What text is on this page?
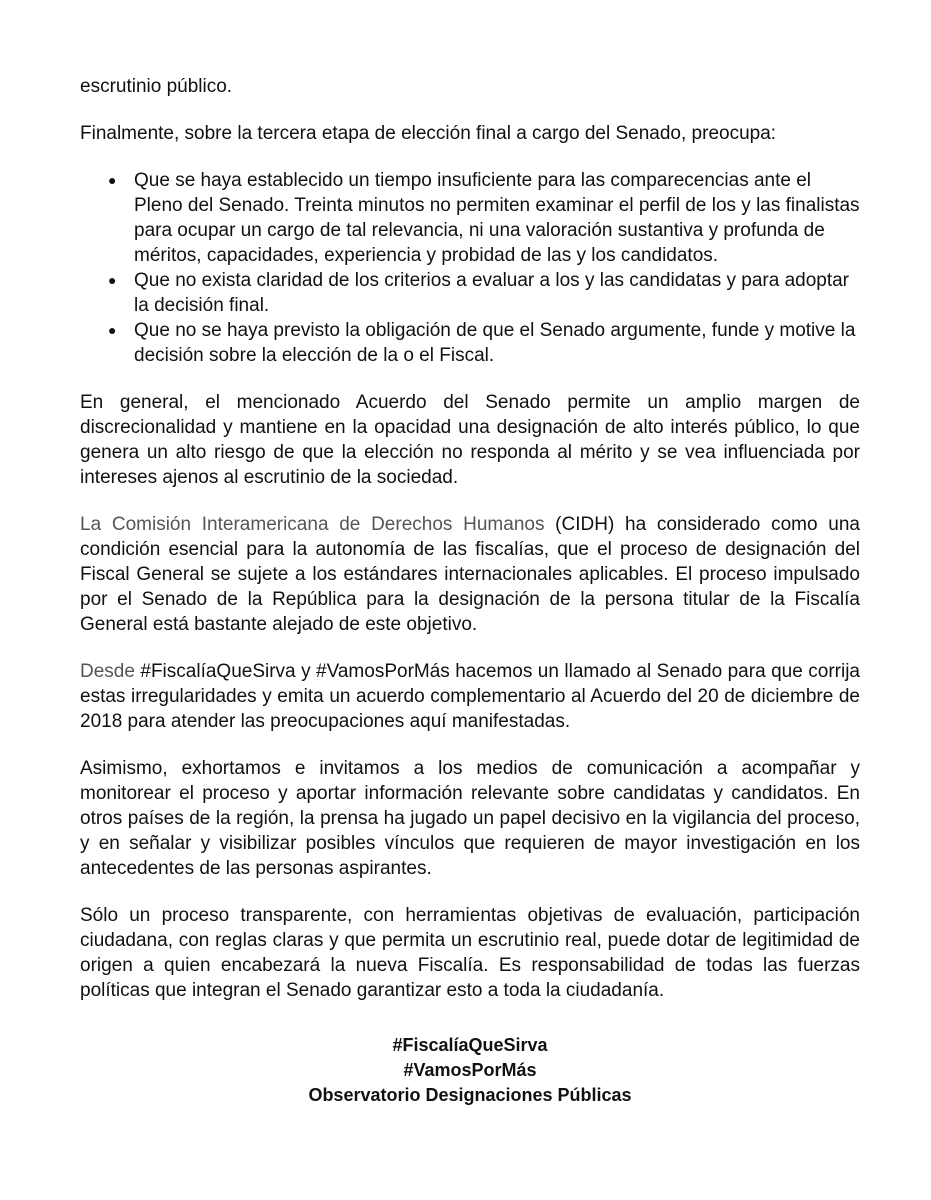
escrutinio público.

Finalmente, sobre la tercera etapa de elección final a cargo del Senado, preocupa:

● Que se haya establecido un tiempo insuficiente para las comparecencias ante el Pleno del Senado. Treinta minutos no permiten examinar el perfil de los y las finalistas para ocupar un cargo de tal relevancia, ni una valoración sustantiva y profunda de méritos, capacidades, experiencia y probidad de las y los candidatos.
● Que no exista claridad de los criterios a evaluar a los y las candidatas y para adoptar la decisión final.
● Que no se haya previsto la obligación de que el Senado argumente, funde y motive la decisión sobre la elección de la o el Fiscal.

En general, el mencionado Acuerdo del Senado permite un amplio margen de discrecionalidad y mantiene en la opacidad una designación de alto interés público, lo que genera un alto riesgo de que la elección no responda al mérito y se vea influenciada por intereses ajenos al escrutinio de la sociedad.

La Comisión Interamericana de Derechos Humanos (CIDH) ha considerado como una condición esencial para la autonomía de las fiscalías, que el proceso de designación del Fiscal General se sujete a los estándares internacionales aplicables. El proceso impulsado por el Senado de la República para la designación de la persona titular de la Fiscalía General está bastante alejado de este objetivo.

Desde #FiscalíaQueSirva y #VamosPorMás hacemos un llamado al Senado para que corrija estas irregularidades y emita un acuerdo complementario al Acuerdo del 20 de diciembre de 2018 para atender las preocupaciones aquí manifestadas.

Asimismo, exhortamos e invitamos a los medios de comunicación a acompañar y monitorear el proceso y aportar información relevante sobre candidatas y candidatos. En otros países de la región, la prensa ha jugado un papel decisivo en la vigilancia del proceso, y en señalar y visibilizar posibles vínculos que requieren de mayor investigación en los antecedentes de las personas aspirantes.

Sólo un proceso transparente, con herramientas objetivas de evaluación, participación ciudadana, con reglas claras y que permita un escrutinio real, puede dotar de legitimidad de origen a quien encabezará la nueva Fiscalía. Es responsabilidad de todas las fuerzas políticas que integran el Senado garantizar esto a toda la ciudadanía.

#FiscalíaQueSirva
#VamosPorMás
Observatorio Designaciones Públicas
